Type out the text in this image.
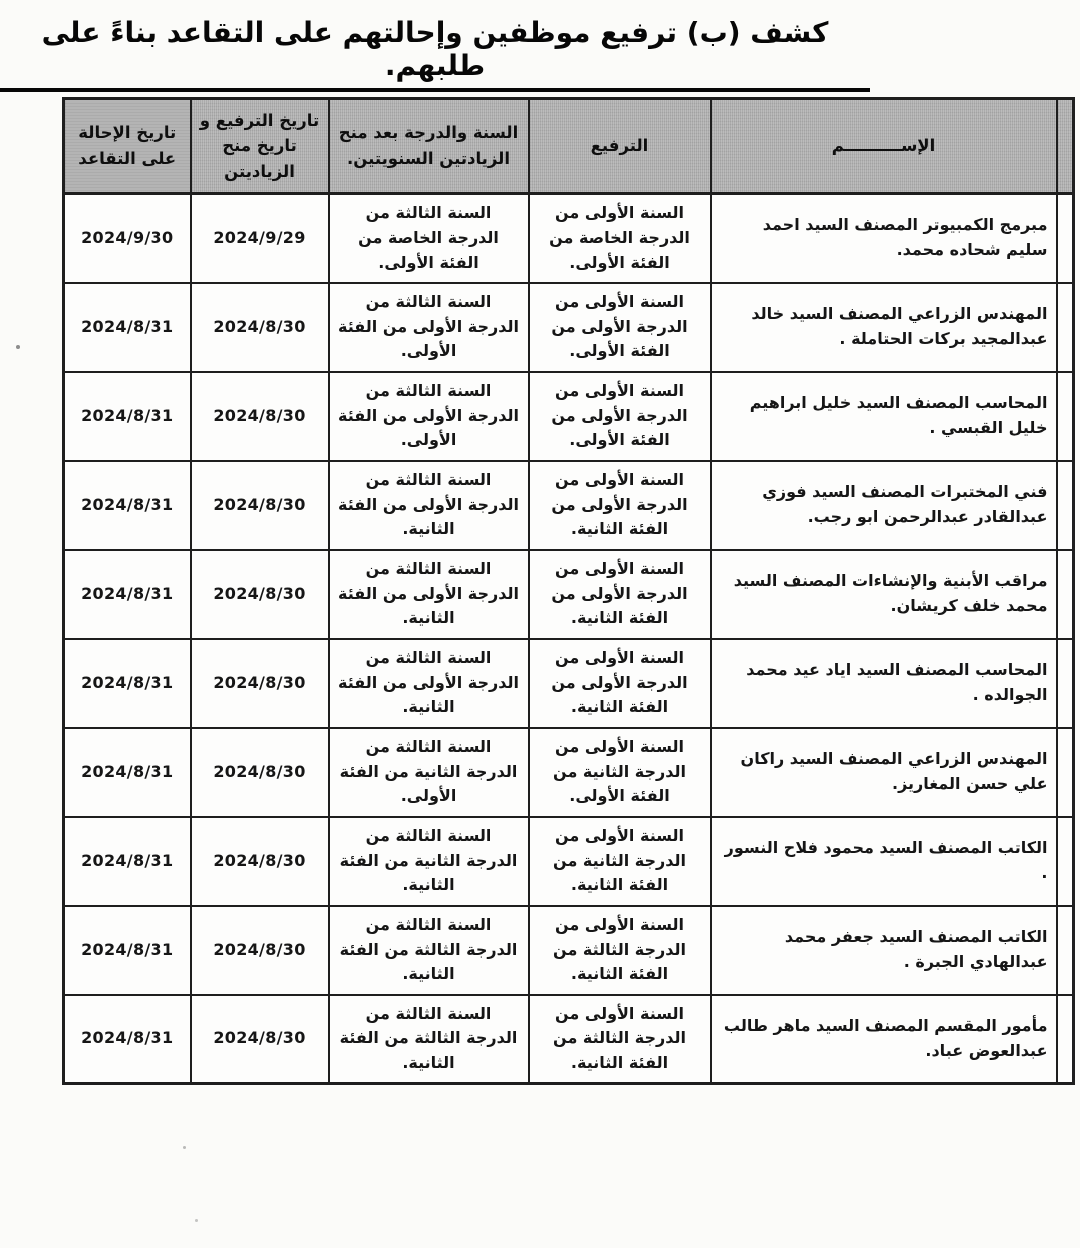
كشف (ب) ترفيع موظفين وإحالتهم على التقاعد بناءً على طلبهم.
	الإســــــــــم	الترفيع	السنة والدرجة بعد منح الزيادتين السنويتين.	تاريخ الترفيع و تاريخ منح الزياديتن	تاريخ الإحالة على التقاعد
	مبرمج الكمبيوتر المصنف السيد احمد سليم شحاده محمد.	السنة الأولى من الدرجة الخاصة من الفئة الأولى.	السنة الثالثة من الدرجة الخاصة من الفئة الأولى.	2024/9/29	2024/9/30
	المهندس الزراعي المصنف السيد خالد عبدالمجيد بركات الحتاملة .	السنة الأولى من الدرجة الأولى من الفئة الأولى.	السنة الثالثة من الدرجة الأولى من الفئة الأولى.	2024/8/30	2024/8/31
	المحاسب المصنف السيد خليل ابراهيم خليل القبسي .	السنة الأولى من الدرجة الأولى من الفئة الأولى.	السنة الثالثة من الدرجة الأولى من الفئة الأولى.	2024/8/30	2024/8/31
	فني المختبرات المصنف السيد فوزي عبدالقادر عبدالرحمن ابو رجب.	السنة الأولى من الدرجة الأولى من الفئة الثانية.	السنة الثالثة من الدرجة الأولى من الفئة الثانية.	2024/8/30	2024/8/31
	مراقب الأبنية والإنشاءات المصنف السيد محمد خلف كريشان.	السنة الأولى من الدرجة الأولى من الفئة الثانية.	السنة الثالثة من الدرجة الأولى من الفئة الثانية.	2024/8/30	2024/8/31
	المحاسب المصنف السيد اياد عيد محمد الجوالده .	السنة الأولى من الدرجة الأولى من الفئة الثانية.	السنة الثالثة من الدرجة الأولى من الفئة الثانية.	2024/8/30	2024/8/31
	المهندس الزراعي المصنف السيد راكان علي حسن المغاريز.	السنة الأولى من الدرجة الثانية من الفئة الأولى.	السنة الثالثة من الدرجة الثانية من الفئة الأولى.	2024/8/30	2024/8/31
	الكاتب المصنف السيد محمود فلاح النسور .	السنة الأولى من الدرجة الثانية من الفئة الثانية.	السنة الثالثة من الدرجة الثانية من الفئة الثانية.	2024/8/30	2024/8/31
	الكاتب المصنف السيد جعفر محمد عبدالهادي الجبرة .	السنة الأولى من الدرجة الثالثة من الفئة الثانية.	السنة الثالثة من الدرجة الثالثة من الفئة الثانية.	2024/8/30	2024/8/31
	مأمور المقسم المصنف السيد ماهر طالب عبدالعوض عباد.	السنة الأولى من الدرجة الثالثة من الفئة الثانية.	السنة الثالثة من الدرجة الثالثة من الفئة الثانية.	2024/8/30	2024/8/31
